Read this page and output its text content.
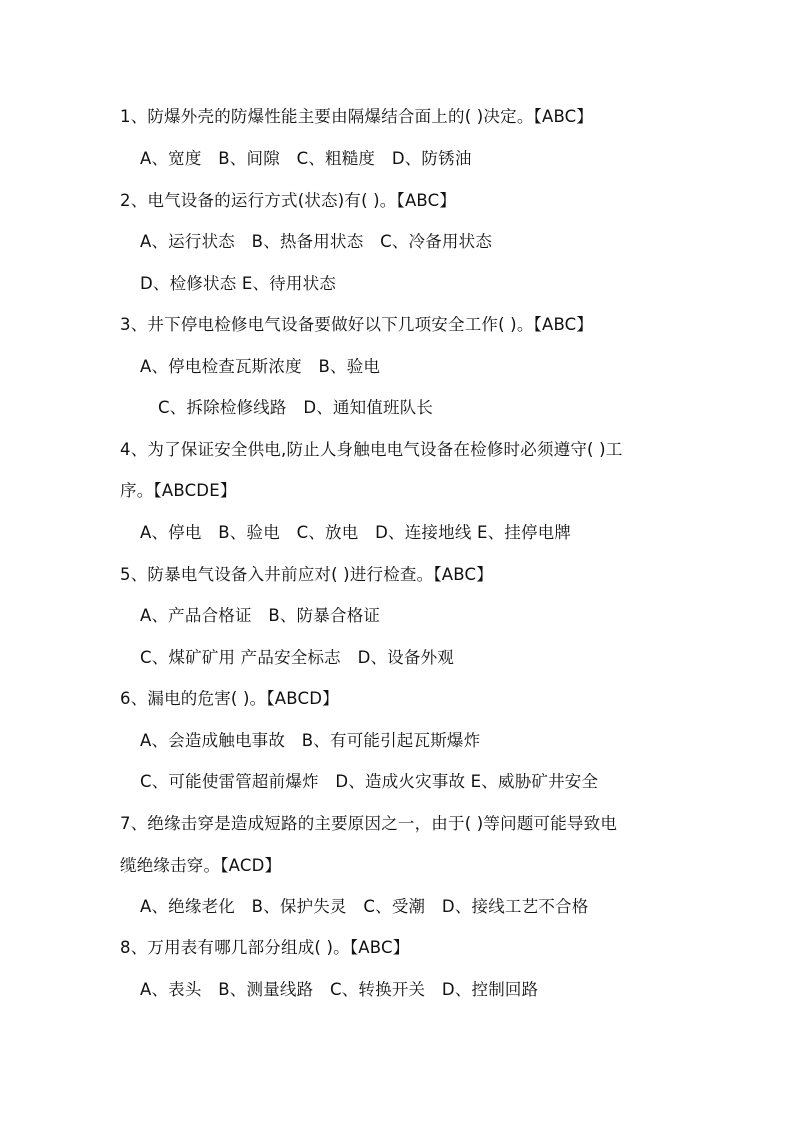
1、防爆外壳的防爆性能主要由隔爆结合面上的( )决定。【ABC】
A、宽度　B、间隙　C、粗糙度　D、防锈油
2、电气设备的运行方式(状态)有( )。【ABC】
A、运行状态　B、热备用状态　C、冷备用状态
D、检修状态 E、待用状态
3、井下停电检修电气设备要做好以下几项安全工作( )。【ABC】
A、停电检查瓦斯浓度　B、验电
C、拆除检修线路　D、通知值班队长
4、为了保证安全供电,防止人身触电电气设备在检修时必须遵守( )工
序。【ABCDE】
A、停电　B、验电　C、放电　D、连接地线 E、挂停电牌
5、防暴电气设备入井前应对( )进行检查。【ABC】
A、产品合格证　B、防暴合格证
C、煤矿矿用 产品安全标志　D、设备外观
6、漏电的危害( )。【ABCD】
A、会造成触电事故　B、有可能引起瓦斯爆炸
C、可能使雷管超前爆炸　D、造成火灾事故 E、威胁矿井安全
7、绝缘击穿是造成短路的主要原因之一，由于( )等问题可能导致电
缆绝缘击穿。【ACD】
A、绝缘老化　B、保护失灵　C、受潮　D、接线工艺不合格
8、万用表有哪几部分组成( )。【ABC】
A、表头　B、测量线路　C、转换开关　D、控制回路
